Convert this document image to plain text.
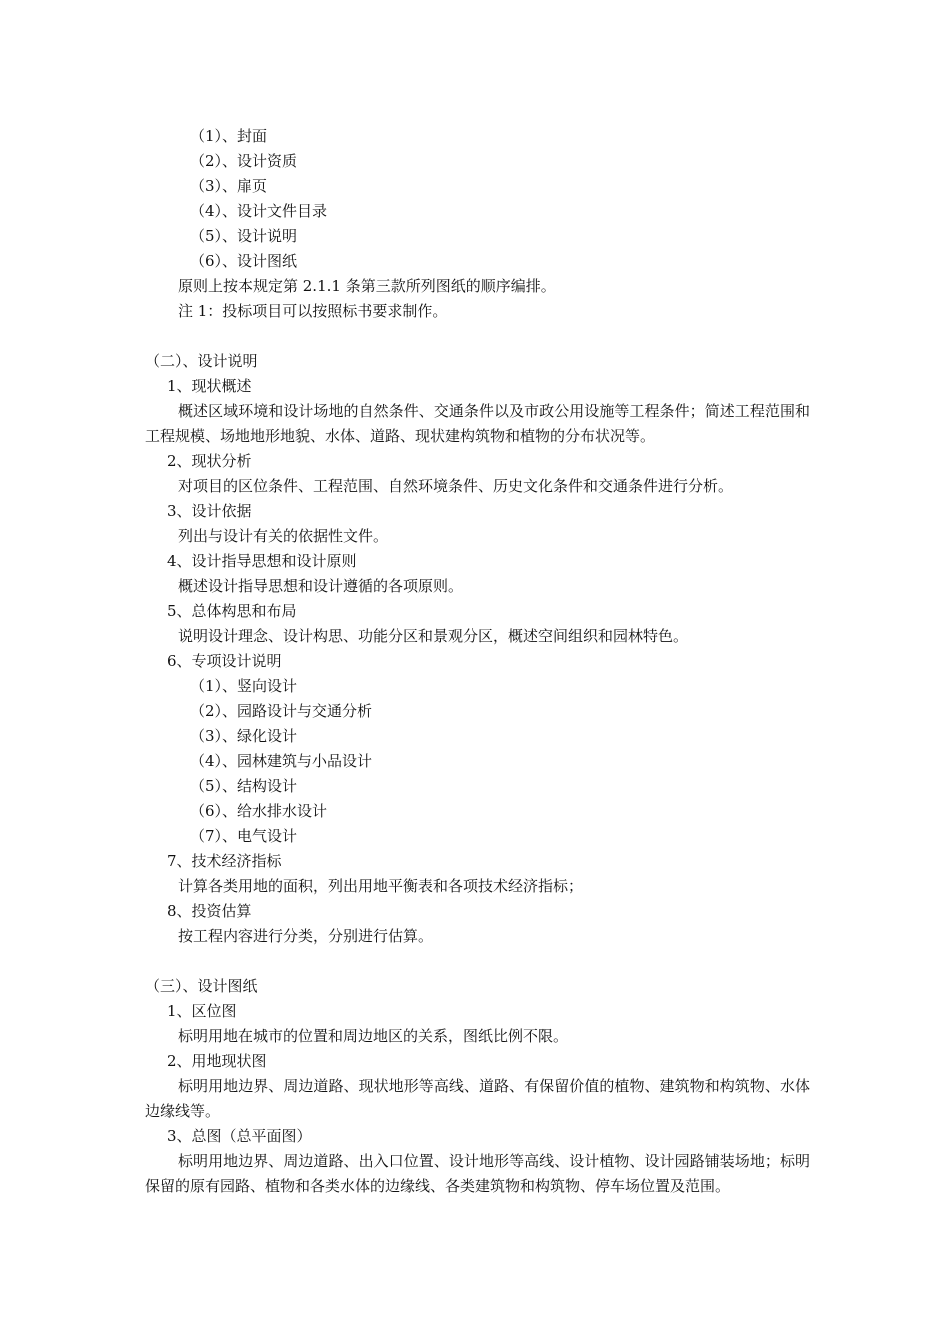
（1）、封面
（2）、设计资质
（3）、扉页
（4）、设计文件目录
（5）、设计说明
（6）、设计图纸
原则上按本规定第 2.1.1 条第三款所列图纸的顺序编排。
注 1：投标项目可以按照标书要求制作。
（二）、设计说明
1、现状概述
概述区域环境和设计场地的自然条件、交通条件以及市政公用设施等工程条件；简述工程范围和工程规模、场地地形地貌、水体、道路、现状建构筑物和植物的分布状况等。
2、现状分析
对项目的区位条件、工程范围、自然环境条件、历史文化条件和交通条件进行分析。
3、设计依据
列出与设计有关的依据性文件。
4、设计指导思想和设计原则
概述设计指导思想和设计遵循的各项原则。
5、总体构思和布局
说明设计理念、设计构思、功能分区和景观分区，概述空间组织和园林特色。
6、专项设计说明
（1）、竖向设计
（2）、园路设计与交通分析
（3）、绿化设计
（4）、园林建筑与小品设计
（5）、结构设计
（6）、给水排水设计
（7）、电气设计
7、技术经济指标
计算各类用地的面积，列出用地平衡表和各项技术经济指标；
8、投资估算
按工程内容进行分类，分别进行估算。
（三）、设计图纸
1、区位图
标明用地在城市的位置和周边地区的关系，图纸比例不限。
2、用地现状图
标明用地边界、周边道路、现状地形等高线、道路、有保留价值的植物、建筑物和构筑物、水体边缘线等。
3、总图（总平面图）
标明用地边界、周边道路、出入口位置、设计地形等高线、设计植物、设计园路铺装场地；标明保留的原有园路、植物和各类水体的边缘线、各类建筑物和构筑物、停车场位置及范围。
